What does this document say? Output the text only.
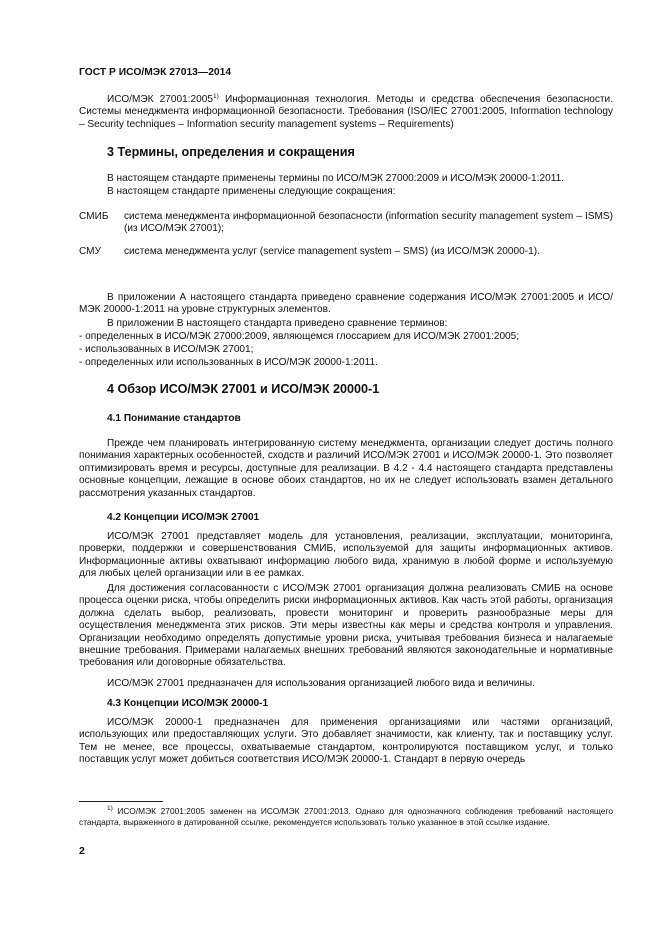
ГОСТ Р ИСО/МЭК 27013—2014

ИСО/МЭК 27001:2005$^{1)}$ Информационная технология. Методы и средства обеспечения безопасности. Системы менеджмента информационной безопасности. Требования (ISO/IEC 27001:2005, Information technology – Security techniques – Information security management systems – Requirements)

3 Термины, определения и сокращения

В настоящем стандарте применены термины по ИСО/МЭК 27000:2009 и ИСО/МЭК 20000-1:2011.

В настоящем стандарте применены следующие сокращения:

СМИБ система менеджмента информационной безопасности (information security management system – ISMS) (из ИСО/МЭК 27001);

СМУ система менеджмента услуг (service management system – SMS) (из ИСО/МЭК 20000-1).

В приложении А настоящего стандарта приведено сравнение содержания ИСО/МЭК 27001:2005 и ИСО/МЭК 20000-1:2011 на уровне структурных элементов.

В приложении В настоящего стандарта приведено сравнение терминов:

- определенных в ИСО/МЭК 27000:2009, являющемся глоссарием для ИСО/МЭК 27001:2005;

- использованных в ИСО/МЭК 27001;

- определенных или использованных в ИСО/МЭК 20000-1:2011.

4 Обзор ИСО/МЭК 27001 и ИСО/МЭК 20000-1
4.1 Понимание стандартов

Прежде чем планировать интегрированную систему менеджмента, организации следует достичь полного понимания характерных особенностей, сходств и различий ИСО/МЭК 27001 и ИСО/МЭК 20000-1. Это позволяет оптимизировать время и ресурсы, доступные для реализации. В 4.2 - 4.4 настоящего стандарта представлены основные концепции, лежащие в основе обоих стандартов, но их не следует использовать взамен детального рассмотрения указанных стандартов.

4.2 Концепции ИСО/МЭК 27001

ИСО/МЭК 27001 представляет модель для установления, реализации, эксплуатации, мониторинга, проверки, поддержки и совершенствования СМИБ, используемой для защиты информационных активов. Информационные активы охватывают информацию любого вида, хранимую в любой форме и используемую для любых целей организации или в ее рамках.

Для достижения согласованности с ИСО/МЭК 27001 организация должна реализовать СМИБ на основе процесса оценки риска, чтобы определить риски информационных активов. Как часть этой работы, организация должна сделать выбор, реализовать, провести мониторинг и проверить разнообразные меры для осуществления менеджмента этих рисков. Эти меры известны как меры и средства контроля и управления. Организации необходимо определять допустимые уровни риска, учитывая требования бизнеса и налагаемые внешние требования. Примерами налагаемых внешних требований являются законодательные и нормативные требования или договорные обязательства.

ИСО/МЭК 27001 предназначен для использования организацией любого вида и величины.

4.3 Концепции ИСО/МЭК 20000-1

ИСО/МЭК 20000-1 предназначен для применения организациями или частями организаций, использующих или предоставляющих услуги. Это добавляет значимости, как клиенту, так и поставщику услуг. Тем не менее, все процессы, охватываемые стандартом, контролируются поставщиком услуг, и только поставщик услуг может добиться соответствия ИСО/МЭК 20000-1. Стандарт в первую очередь

$^{1)}$ ИСО/МЭК 27001:2005 заменен на ИСО/МЭК 27001:2013. Однако для однозначного соблюдения требований настоящего стандарта, выраженного в датированной ссылке, рекомендуется использовать только указанное в этой ссылке издание.

2
